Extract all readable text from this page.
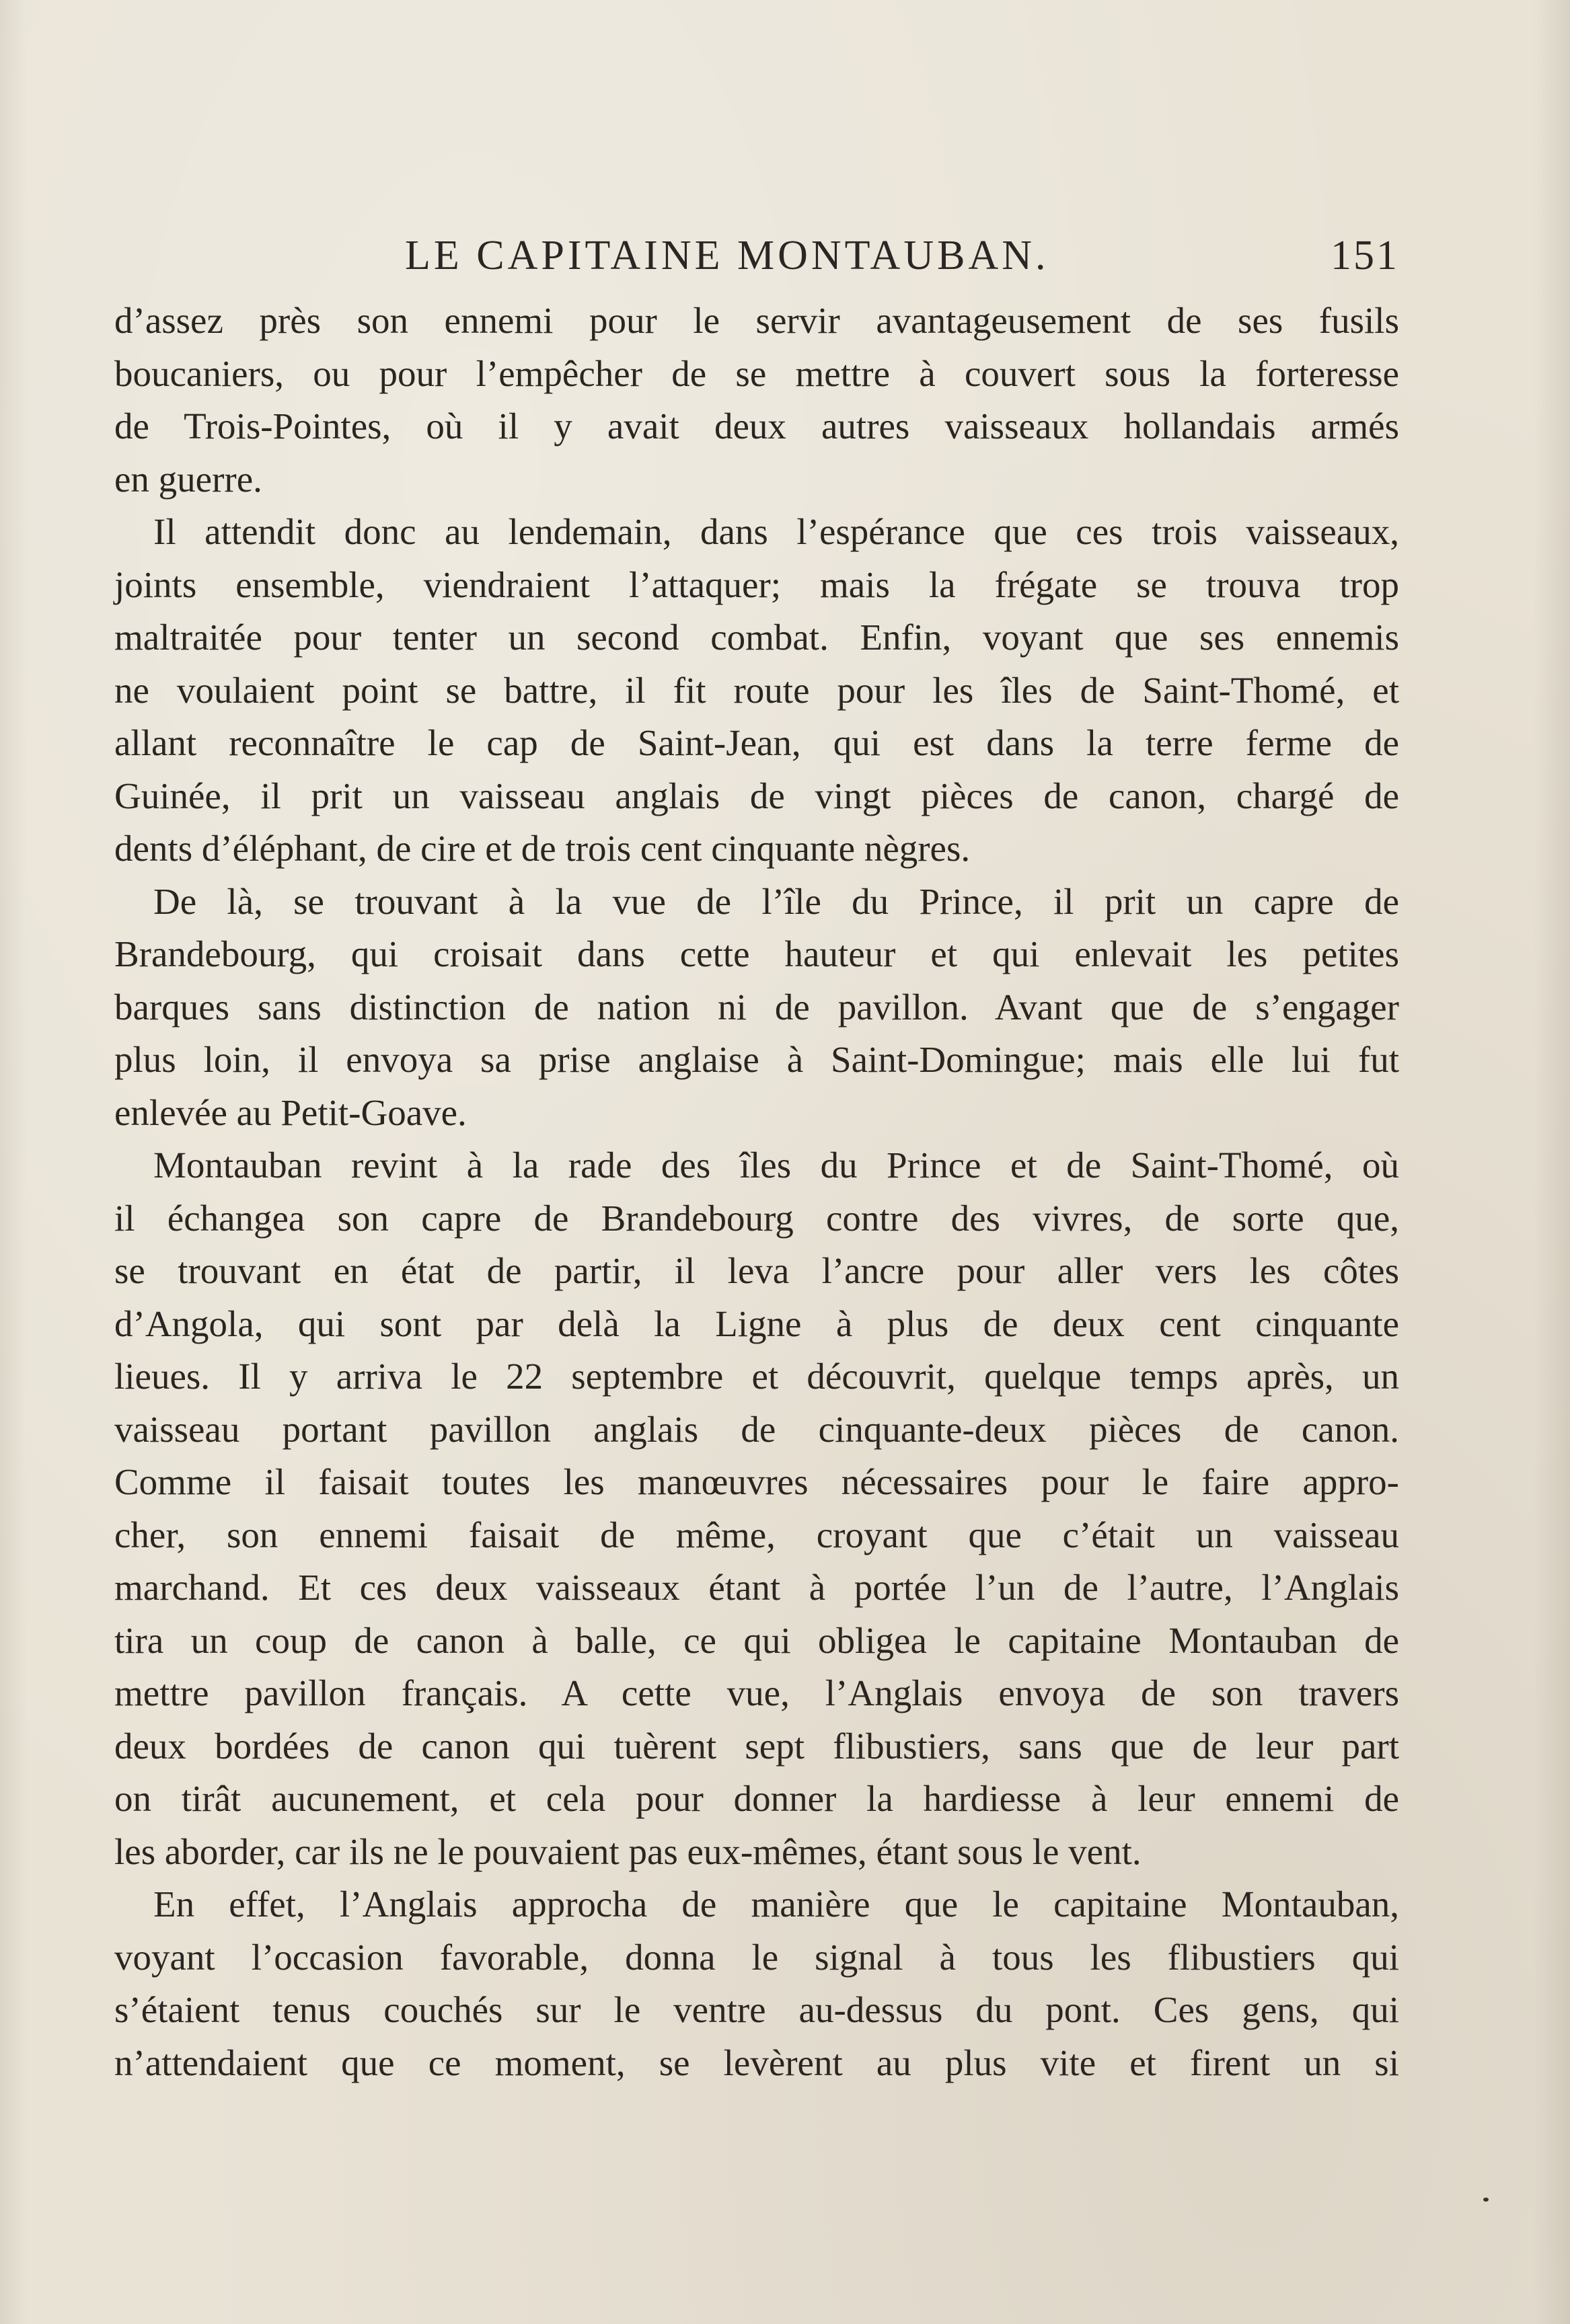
LE CAPITAINE MONTAUBAN.	151
d’assez près son ennemi pour le servir avantageusement de ses fusils
boucaniers, ou pour l’empêcher de se mettre à couvert sous la forteresse
de Trois-Pointes, où il y avait deux autres vaisseaux hollandais armés
en guerre.
Il attendit donc au lendemain, dans l’espérance que ces trois vaisseaux,
joints ensemble, viendraient l’attaquer; mais la frégate se trouva trop
maltraitée pour tenter un second combat. Enfin, voyant que ses ennemis
ne voulaient point se battre, il fit route pour les îles de Saint-Thomé, et
allant reconnaître le cap de Saint-Jean, qui est dans la terre ferme de
Guinée, il prit un vaisseau anglais de vingt pièces de canon, chargé de
dents d’éléphant, de cire et de trois cent cinquante nègres.
De là, se trouvant à la vue de l’île du Prince, il prit un capre de
Brandebourg, qui croisait dans cette hauteur et qui enlevait les petites
barques sans distinction de nation ni de pavillon. Avant que de s’engager
plus loin, il envoya sa prise anglaise à Saint-Domingue; mais elle lui fut
enlevée au Petit-Goave.
Montauban revint à la rade des îles du Prince et de Saint-Thomé, où
il échangea son capre de Brandebourg contre des vivres, de sorte que,
se trouvant en état de partir, il leva l’ancre pour aller vers les côtes
d’Angola, qui sont par delà la Ligne à plus de deux cent cinquante
lieues. Il y arriva le 22 septembre et découvrit, quelque temps après, un
vaisseau portant pavillon anglais de cinquante-deux pièces de canon.
Comme il faisait toutes les manœuvres nécessaires pour le faire appro-
cher, son ennemi faisait de même, croyant que c’était un vaisseau
marchand. Et ces deux vaisseaux étant à portée l’un de l’autre, l’Anglais
tira un coup de canon à balle, ce qui obligea le capitaine Montauban de
mettre pavillon français. A cette vue, l’Anglais envoya de son travers
deux bordées de canon qui tuèrent sept flibustiers, sans que de leur part
on tirât aucunement, et cela pour donner la hardiesse à leur ennemi de
les aborder, car ils ne le pouvaient pas eux-mêmes, étant sous le vent.
En effet, l’Anglais approcha de manière que le capitaine Montauban,
voyant l’occasion favorable, donna le signal à tous les flibustiers qui
s’étaient tenus couchés sur le ventre au-dessus du pont. Ces gens, qui
n’attendaient que ce moment, se levèrent au plus vite et firent un si
